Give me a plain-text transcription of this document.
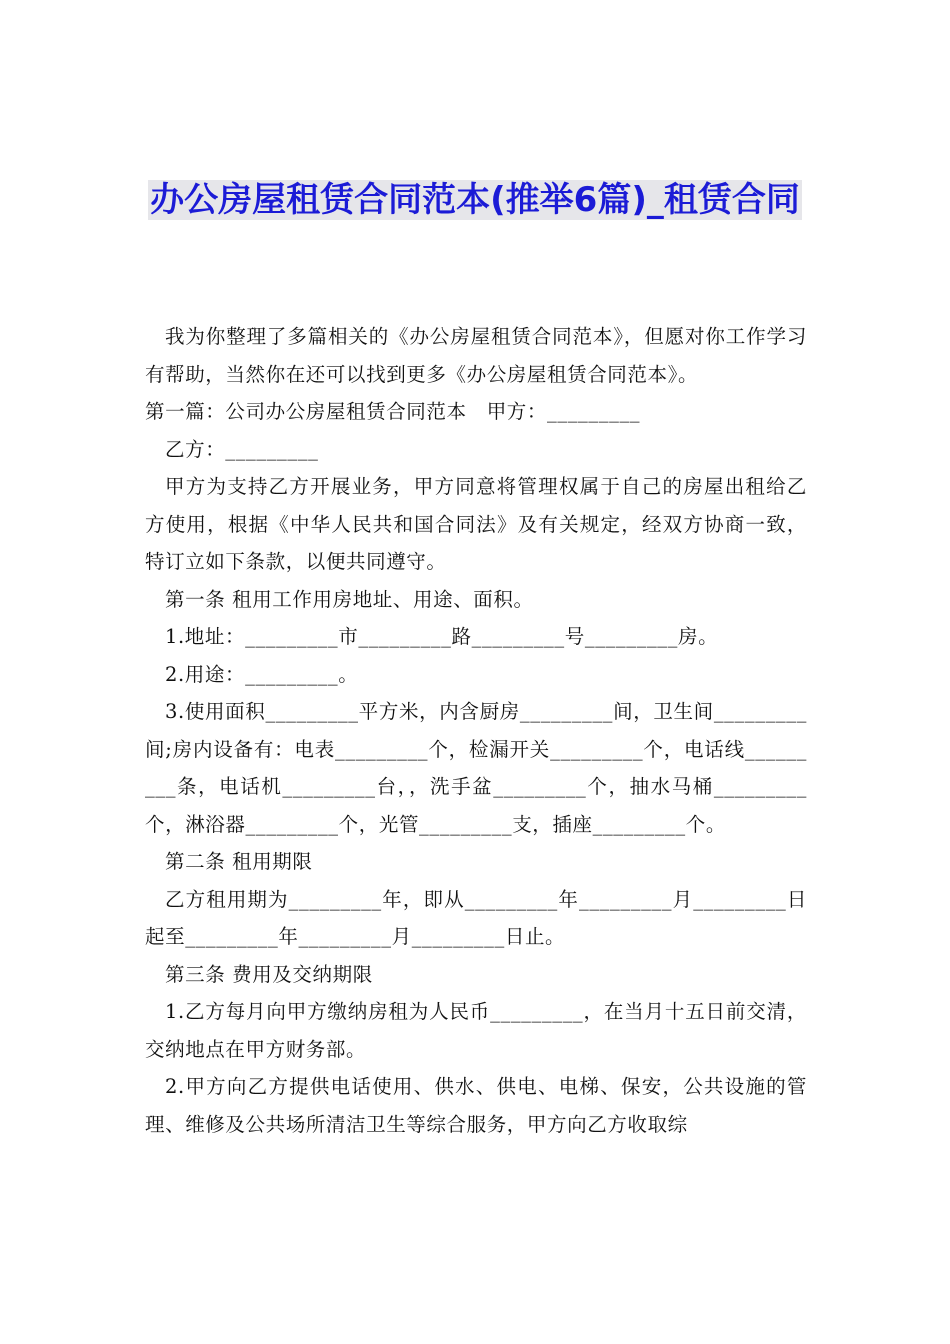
办公房屋租赁合同范本(推举6篇)_租赁合同

我为你整理了多篇相关的《办公房屋租赁合同范本》，但愿对你工作学习有帮助，当然你在还可以找到更多《办公房屋租赁合同范本》。

第一篇：公司办公房屋租赁合同范本　甲方：_________

乙方：_________

甲方为支持乙方开展业务，甲方同意将管理权属于自己的房屋出租给乙方使用，根据《中华人民共和国合同法》及有关规定，经双方协商一致，特订立如下条款，以便共同遵守。

第一条 租用工作用房地址、用途、面积。

1.地址：_________市_________路_________号_________房。

2.用途：_________。

3.使用面积_________平方米，内含厨房_________间，卫生间_________间;房内设备有：电表_________个，检漏开关_________个，电话线_________条，电话机_________台，，洗手盆_________个，抽水马桶_________个，淋浴器_________个，光管_________支，插座_________个。

第二条 租用期限

乙方租用期为_________年，即从_________年_________月_________日起至_________年_________月_________日止。

第三条 费用及交纳期限

1.乙方每月向甲方缴纳房租为人民币_________，在当月十五日前交清，交纳地点在甲方财务部。

2.甲方向乙方提供电话使用、供水、供电、电梯、保安，公共设施的管理、维修及公共场所清洁卫生等综合服务，甲方向乙方收取综
